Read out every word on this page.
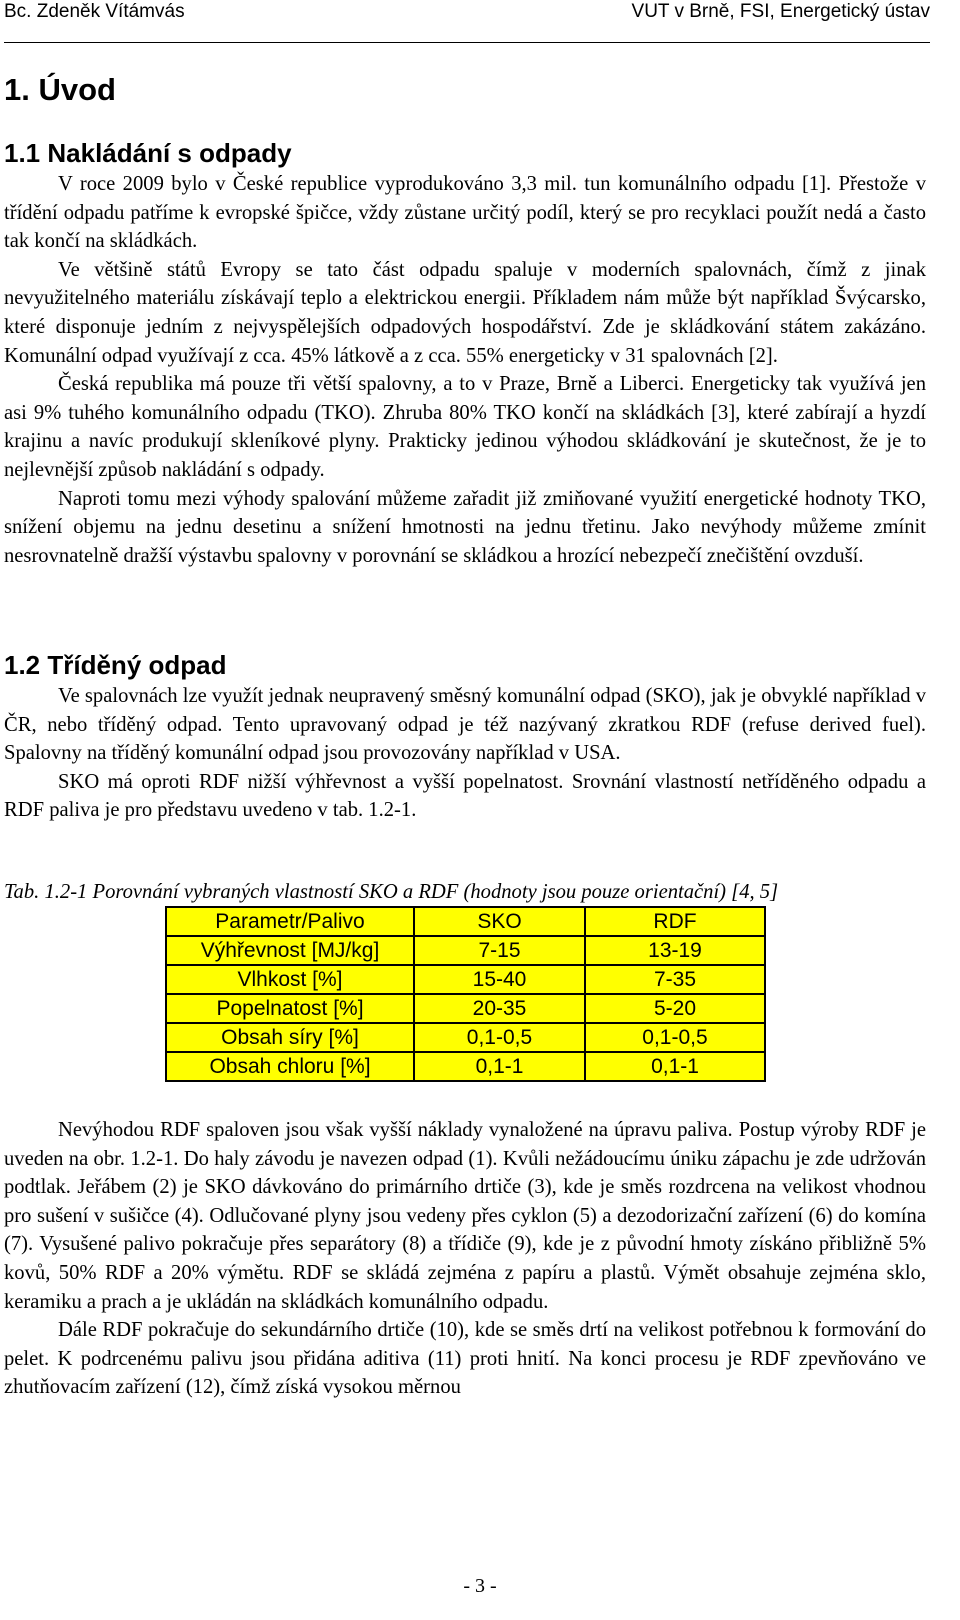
Bc. Zdeněk Vítámvás	VUT v Brně, FSI, Energetický ústav
1. Úvod
1.1 Nakládání s odpady

V roce 2009 bylo v České republice vyprodukováno 3,3 mil. tun komunálního odpadu [1]. Přestože v třídění odpadu patříme k evropské špičce, vždy zůstane určitý podíl, který se pro recyklaci použít nedá a často tak končí na skládkách.

Ve většině států Evropy se tato část odpadu spaluje v moderních spalovnách, čímž z jinak nevyužitelného materiálu získávají teplo a elektrickou energii. Příkladem nám může být například Švýcarsko, které disponuje jedním z nejvyspělejších odpadových hospodářství. Zde je skládkování státem zakázáno. Komunální odpad využívají z cca. 45% látkově a z cca. 55% energeticky v 31 spalovnách [2].

Česká republika má pouze tři větší spalovny, a to v Praze, Brně a Liberci. Energeticky tak využívá jen asi 9% tuhého komunálního odpadu (TKO). Zhruba 80% TKO končí na skládkách [3], které zabírají a hyzdí krajinu a navíc produkují skleníkové plyny. Prakticky jedinou výhodou skládkování je skutečnost, že je to nejlevnější způsob nakládání s odpady.

Naproti tomu mezi výhody spalování můžeme zařadit již zmiňované využití energetické hodnoty TKO, snížení objemu na jednu desetinu a snížení hmotnosti na jednu třetinu. Jako nevýhody můžeme zmínit nesrovnatelně dražší výstavbu spalovny v porovnání se skládkou a hrozící nebezpečí znečištění ovzduší.

1.2 Tříděný odpad

Ve spalovnách lze využít jednak neupravený směsný komunální odpad (SKO), jak je obvyklé například v ČR, nebo tříděný odpad. Tento upravovaný odpad je též nazývaný zkratkou RDF (refuse derived fuel). Spalovny na tříděný komunální odpad jsou provozovány například v USA.

SKO má oproti RDF nižší výhřevnost a vyšší popelnatost. Srovnání vlastností netříděného odpadu a RDF paliva je pro představu uvedeno v tab. 1.2-1.

Tab. 1.2-1 Porovnání vybraných vlastností SKO a RDF (hodnoty jsou pouze orientační) [4, 5]
Parametr/Palivo	SKO	RDF
Výhřevnost [MJ/kg]	7-15	13-19
Vlhkost [%]	15-40	7-35
Popelnatost [%]	20-35	5-20
Obsah síry [%]	0,1-0,5	0,1-0,5
Obsah chloru [%]	0,1-1	0,1-1

Nevýhodou RDF spaloven jsou však vyšší náklady vynaložené na úpravu paliva. Postup výroby RDF je uveden na obr. 1.2-1. Do haly závodu je navezen odpad (1). Kvůli nežádoucímu úniku zápachu je zde udržován podtlak. Jeřábem (2) je SKO dávkováno do primárního drtiče (3), kde je směs rozdrcena na velikost vhodnou pro sušení v sušičce (4). Odlučované plyny jsou vedeny přes cyklon (5) a dezodorizační zařízení (6) do komína (7). Vysušené palivo pokračuje přes separátory (8) a třídiče (9), kde je z původní hmoty získáno přibližně 5% kovů, 50% RDF a 20% výmětu. RDF se skládá zejména z papíru a plastů. Výmět obsahuje zejména sklo, keramiku a prach a je ukládán na skládkách komunálního odpadu.

Dále RDF pokračuje do sekundárního drtiče (10), kde se směs drtí na velikost potřebnou k formování do pelet. K podrcenému palivu jsou přidána aditiva (11) proti hnití. Na konci procesu je RDF zpevňováno ve zhutňovacím zařízení (12), čímž získá vysokou měrnou

- 3 -
